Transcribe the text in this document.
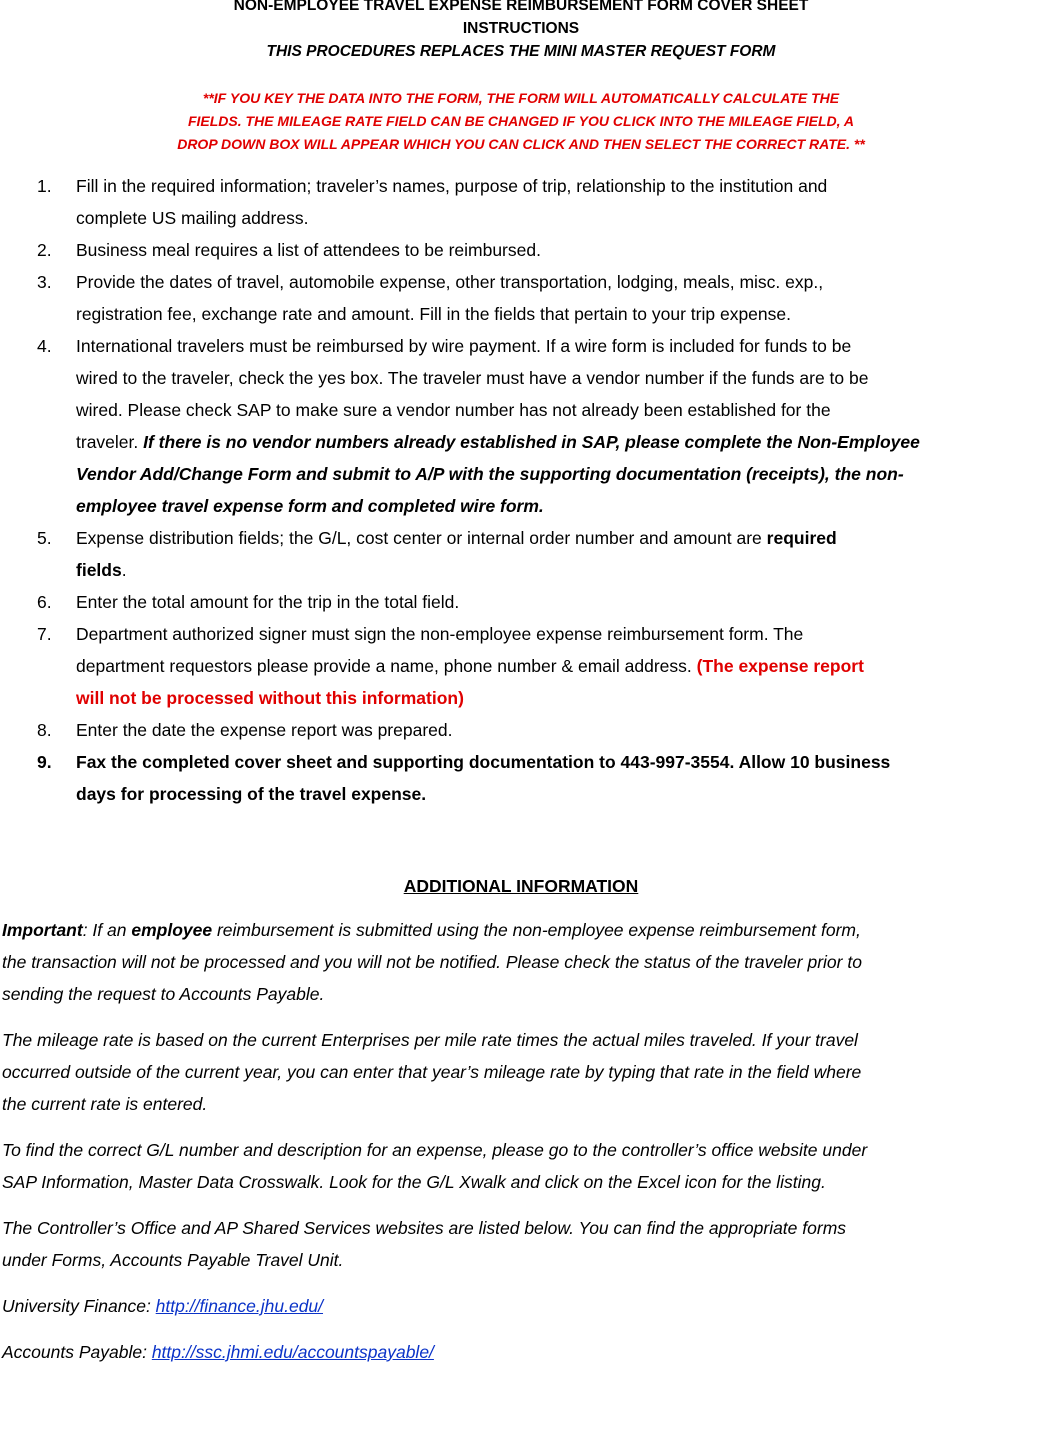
NON-EMPLOYEE TRAVEL EXPENSE REIMBURSEMENT FORM COVER SHEET
INSTRUCTIONS
THIS PROCEDURES REPLACES THE MINI MASTER REQUEST FORM
**IF YOU KEY THE DATA INTO THE FORM, THE FORM WILL AUTOMATICALLY CALCULATE THE
FIELDS. THE MILEAGE RATE FIELD CAN BE CHANGED IF YOU CLICK INTO THE MILEAGE FIELD, A
DROP DOWN BOX WILL APPEAR WHICH YOU CAN CLICK AND THEN SELECT THE CORRECT RATE. **
1. Fill in the required information; traveler’s names, purpose of trip, relationship to the institution and
complete US mailing address.
2. Business meal requires a list of attendees to be reimbursed.
3. Provide the dates of travel, automobile expense, other transportation, lodging, meals, misc. exp.,
registration fee, exchange rate and amount. Fill in the fields that pertain to your trip expense.
4. International travelers must be reimbursed by wire payment. If a wire form is included for funds to be
wired to the traveler, check the yes box. The traveler must have a vendor number if the funds are to be
wired. Please check SAP to make sure a vendor number has not already been established for the
traveler. If there is no vendor numbers already established in SAP, please complete the Non-Employee
Vendor Add/Change Form and submit to A/P with the supporting documentation (receipts), the non-
employee travel expense form and completed wire form.
5. Expense distribution fields; the G/L, cost center or internal order number and amount are required
fields.
6. Enter the total amount for the trip in the total field.
7. Department authorized signer must sign the non-employee expense reimbursement form. The
department requestors please provide a name, phone number & email address. (The expense report
will not be processed without this information)
8. Enter the date the expense report was prepared.
9. Fax the completed cover sheet and supporting documentation to 443-997-3554. Allow 10 business
days for processing of the travel expense.
ADDITIONAL INFORMATION

Important: If an employee reimbursement is submitted using the non-employee expense reimbursement form,
the transaction will not be processed and you will not be notified. Please check the status of the traveler prior to
sending the request to Accounts Payable.

The mileage rate is based on the current Enterprises per mile rate times the actual miles traveled. If your travel
occurred outside of the current year, you can enter that year’s mileage rate by typing that rate in the field where
the current rate is entered.

To find the correct G/L number and description for an expense, please go to the controller’s office website under
SAP Information, Master Data Crosswalk. Look for the G/L Xwalk and click on the Excel icon for the listing.

The Controller’s Office and AP Shared Services websites are listed below. You can find the appropriate forms
under Forms, Accounts Payable Travel Unit.

University Finance: http://finance.jhu.edu/

Accounts Payable: http://ssc.jhmi.edu/accountspayable/
